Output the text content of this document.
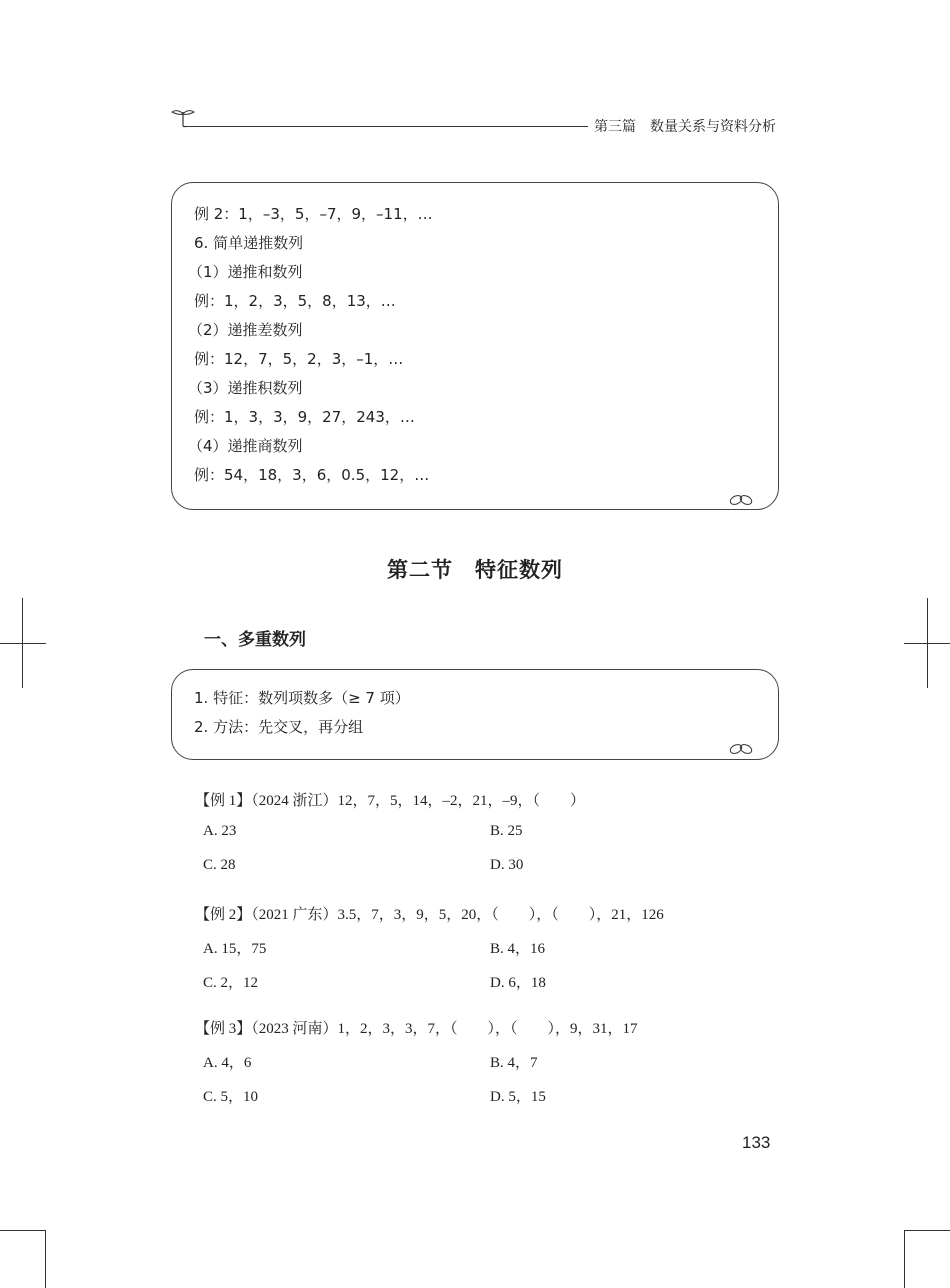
第三篇　数量关系与资料分析
例 2：1，–3，5，–7，9，–11，…
6. 简单递推数列
（1）递推和数列
例：1，2，3，5，8，13，…
（2）递推差数列
例：12，7，5，2，3，–1，…
（3）递推积数列
例：1，3，3，9，27，243，…
（4）递推商数列
例：54，18，3，6，0.5，12，…
第二节　特征数列
一、多重数列
1. 特征：数列项数多（≥ 7 项）
2. 方法：先交叉，再分组
【例 1】（2024 浙江）12，7，5，14，–2，21，–9，（　　）
A. 23	B. 25
C. 28	D. 30
【例 2】（2021 广东）3.5，7，3，9，5，20，（　　），（　　），21，126
A. 15，75	B. 4，16
C. 2，12	D. 6，18
【例 3】（2023 河南）1，2，3，3，7，（　　），（　　），9，31，17
A. 4，6	B. 4，7
C. 5，10	D. 5，15
133
